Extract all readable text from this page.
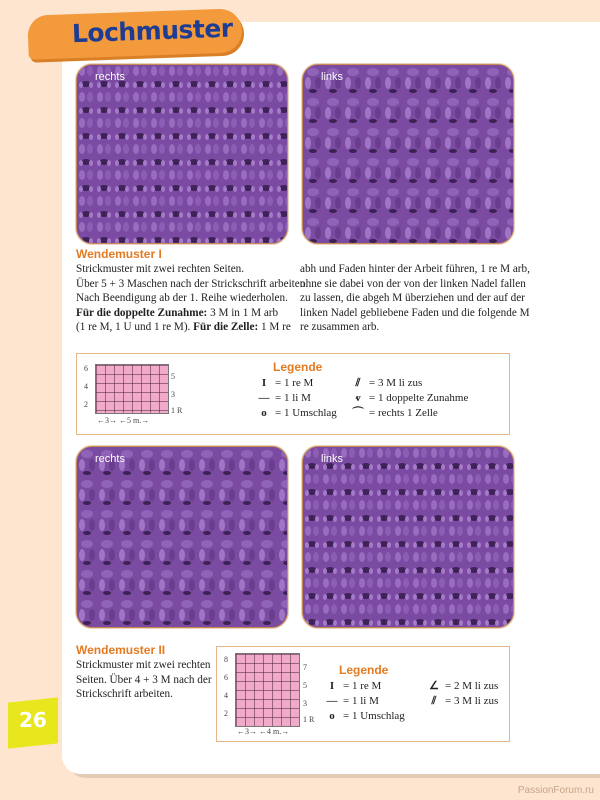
Lochmuster
rechts	links
rechts	links
Wendemuster I
Strickmuster mit zwei rechten Seiten.
Über 5 + 3 Maschen nach der Strickschrift arbeiten.
Nach Beendigung ab der 1. Reihe wiederholen.
Für die doppelte Zunahme: 3 M in 1 M arb
(1 re M, 1 U und 1 re M). Für die Zelle: 1 M re
abh und Faden hinter der Arbeit führen, 1 re M arb,
ohne sie dabei von der von der linken Nadel fallen
zu lassen, die abgeh M überziehen und der auf der
linken Nadel gebliebene Faden und die folgende M
re zusammen arb.
6
4
2
5
3
1 R
←3→ ←5 m.→
Legende
I = 1 re M
— = 1 li M
o = 1 Umschlag
⫽ = 3 M li zus
ⱴ = 1 doppelte Zunahme
⌒ = rechts 1 Zelle
Wendemuster II
Strickmuster mit zwei rechten
Seiten. Über 4 + 3 M nach der
Strickschrift arbeiten.
8
6
4
2
7
5
3
1 R
←3→ ←4 m.→
Legende
I = 1 re M
— = 1 li M
o = 1 Umschlag
∠ = 2 M li zus
⫽ = 3 M li zus
26
PassionForum.ru
